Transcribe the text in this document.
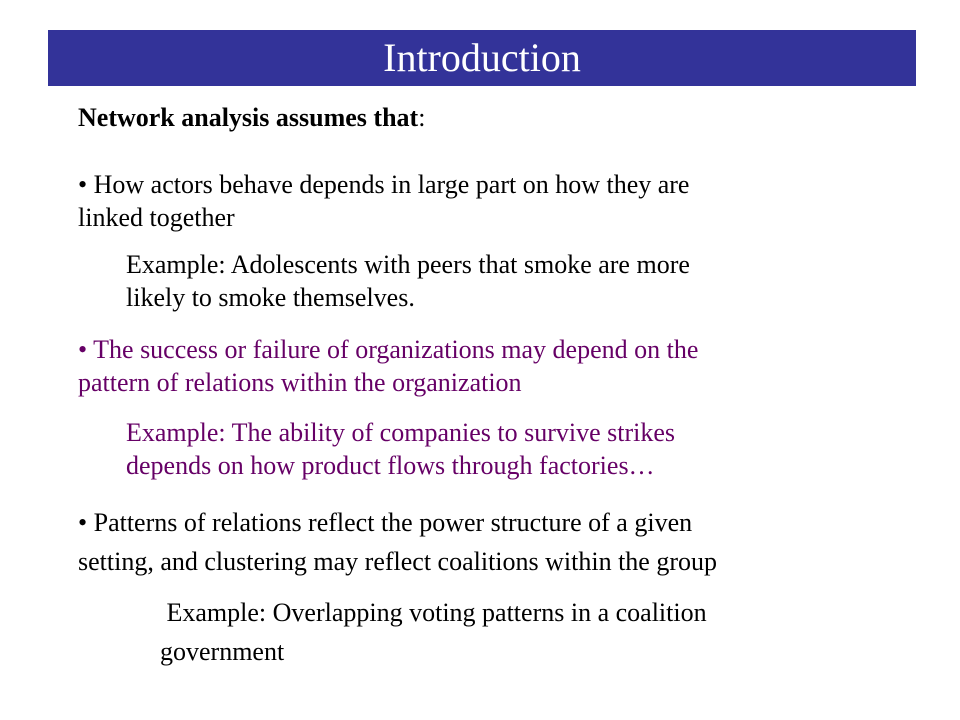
Introduction
Network analysis assumes that:
• How actors behave depends in large part on how they are
linked together
Example: Adolescents with peers that smoke are more
likely to smoke themselves.
• The success or failure of organizations may depend on the
pattern of relations within the organization
Example: The ability of companies to survive strikes
depends on how product flows through factories…
• Patterns of relations reflect the power structure of a given
setting, and clustering may reflect coalitions within the group
Example: Overlapping voting patterns in a coalition
government
